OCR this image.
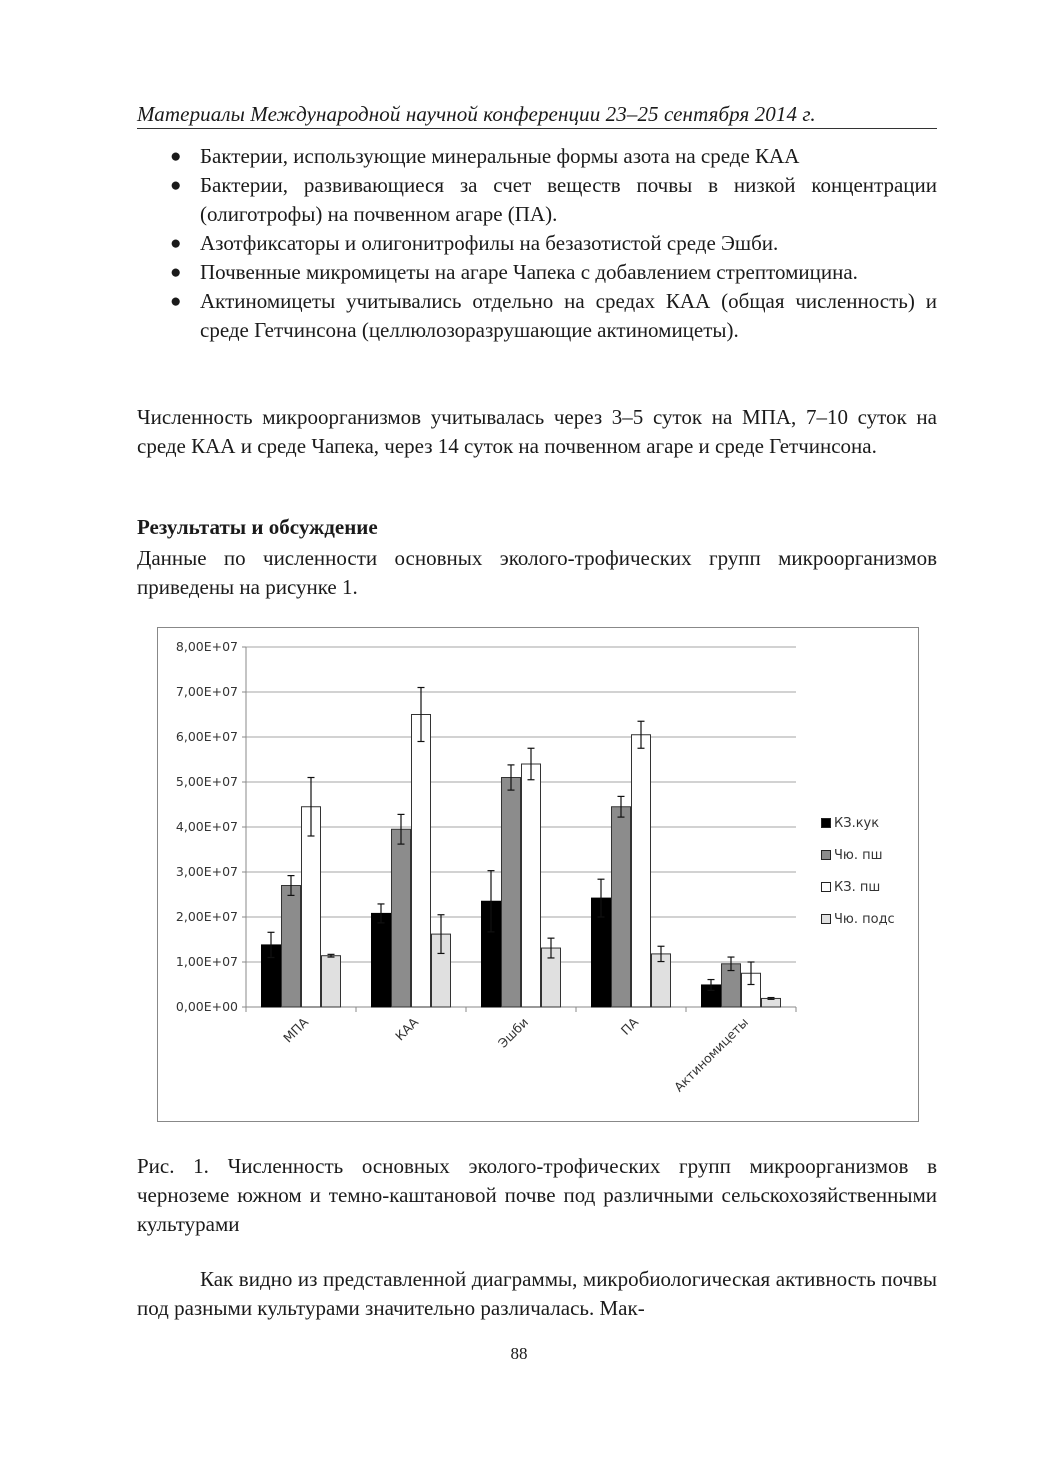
Материалы Международной научной конференции 23–25 сентября 2014 г.
● Бактерии, использующие минеральные формы азота на среде КАА
● Бактерии, развивающиеся за счет веществ почвы в низкой концентрации (олиготрофы) на почвенном агаре (ПА).
● Азотфиксаторы и олигонитрофилы на безазотистой среде Эшби.
● Почвенные микромицеты на агаре Чапека с добавлением стрептомицина.
● Актиномицеты учитывались отдельно на средах КАА (общая численность) и среде Гетчинсона (целлюлозоразрушающие актиномицеты).

Численность микроорганизмов учитывалась через 3–5 суток на МПА, 7–10 суток на среде КАА и среде Чапека, через 14 суток на почвенном агаре и среде Гетчинсона.

Результаты и обсуждение

Данные по численности основных эколого-трофических групп микроорганизмов приведены на рисунке 1.

0,00E+00
1,00E+07
2,00E+07
3,00E+07
4,00E+07
5,00E+07
6,00E+07
7,00E+07
8,00E+07
МПА	КАА	Эшби	ПА Актиномицеты
КЗ.кук
Чю. пш
КЗ. пш
Чю. подс

Рис. 1. Численность основных эколого-трофических групп микроорганизмов в черноземе южном и темно-каштановой почве под различными сельскохозяйственными культурами

Как видно из представленной диаграммы, микробиологическая активность почвы под разными культурами значительно различалась. Мак-

88
